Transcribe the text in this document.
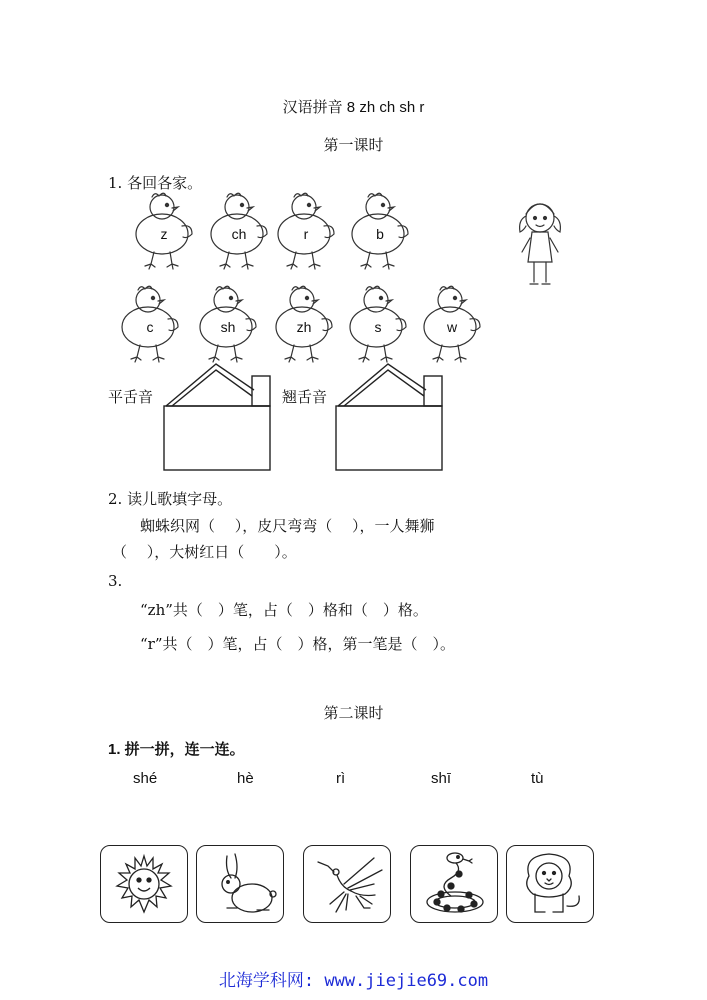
汉语拼音 8 zh ch sh r
第一课时
1. 各回各家。
z	ch	r	b
c	sh	zh	s	w
平舌音	翘舌音
2. 读儿歌填字母。
蜘蛛织网（　 ），皮尺弯弯（　 ），一人舞狮
（　 ），大树红日（　　）。
3.
“zh”共（　）笔，占（　）格和（　）格。
“r”共（　）笔，占（　）格，第一笔是（　）。
第二课时
1. 拼一拼，连一连。
shé	hè	rì	shī	tù
北海学科网: www.jiejie69.com
